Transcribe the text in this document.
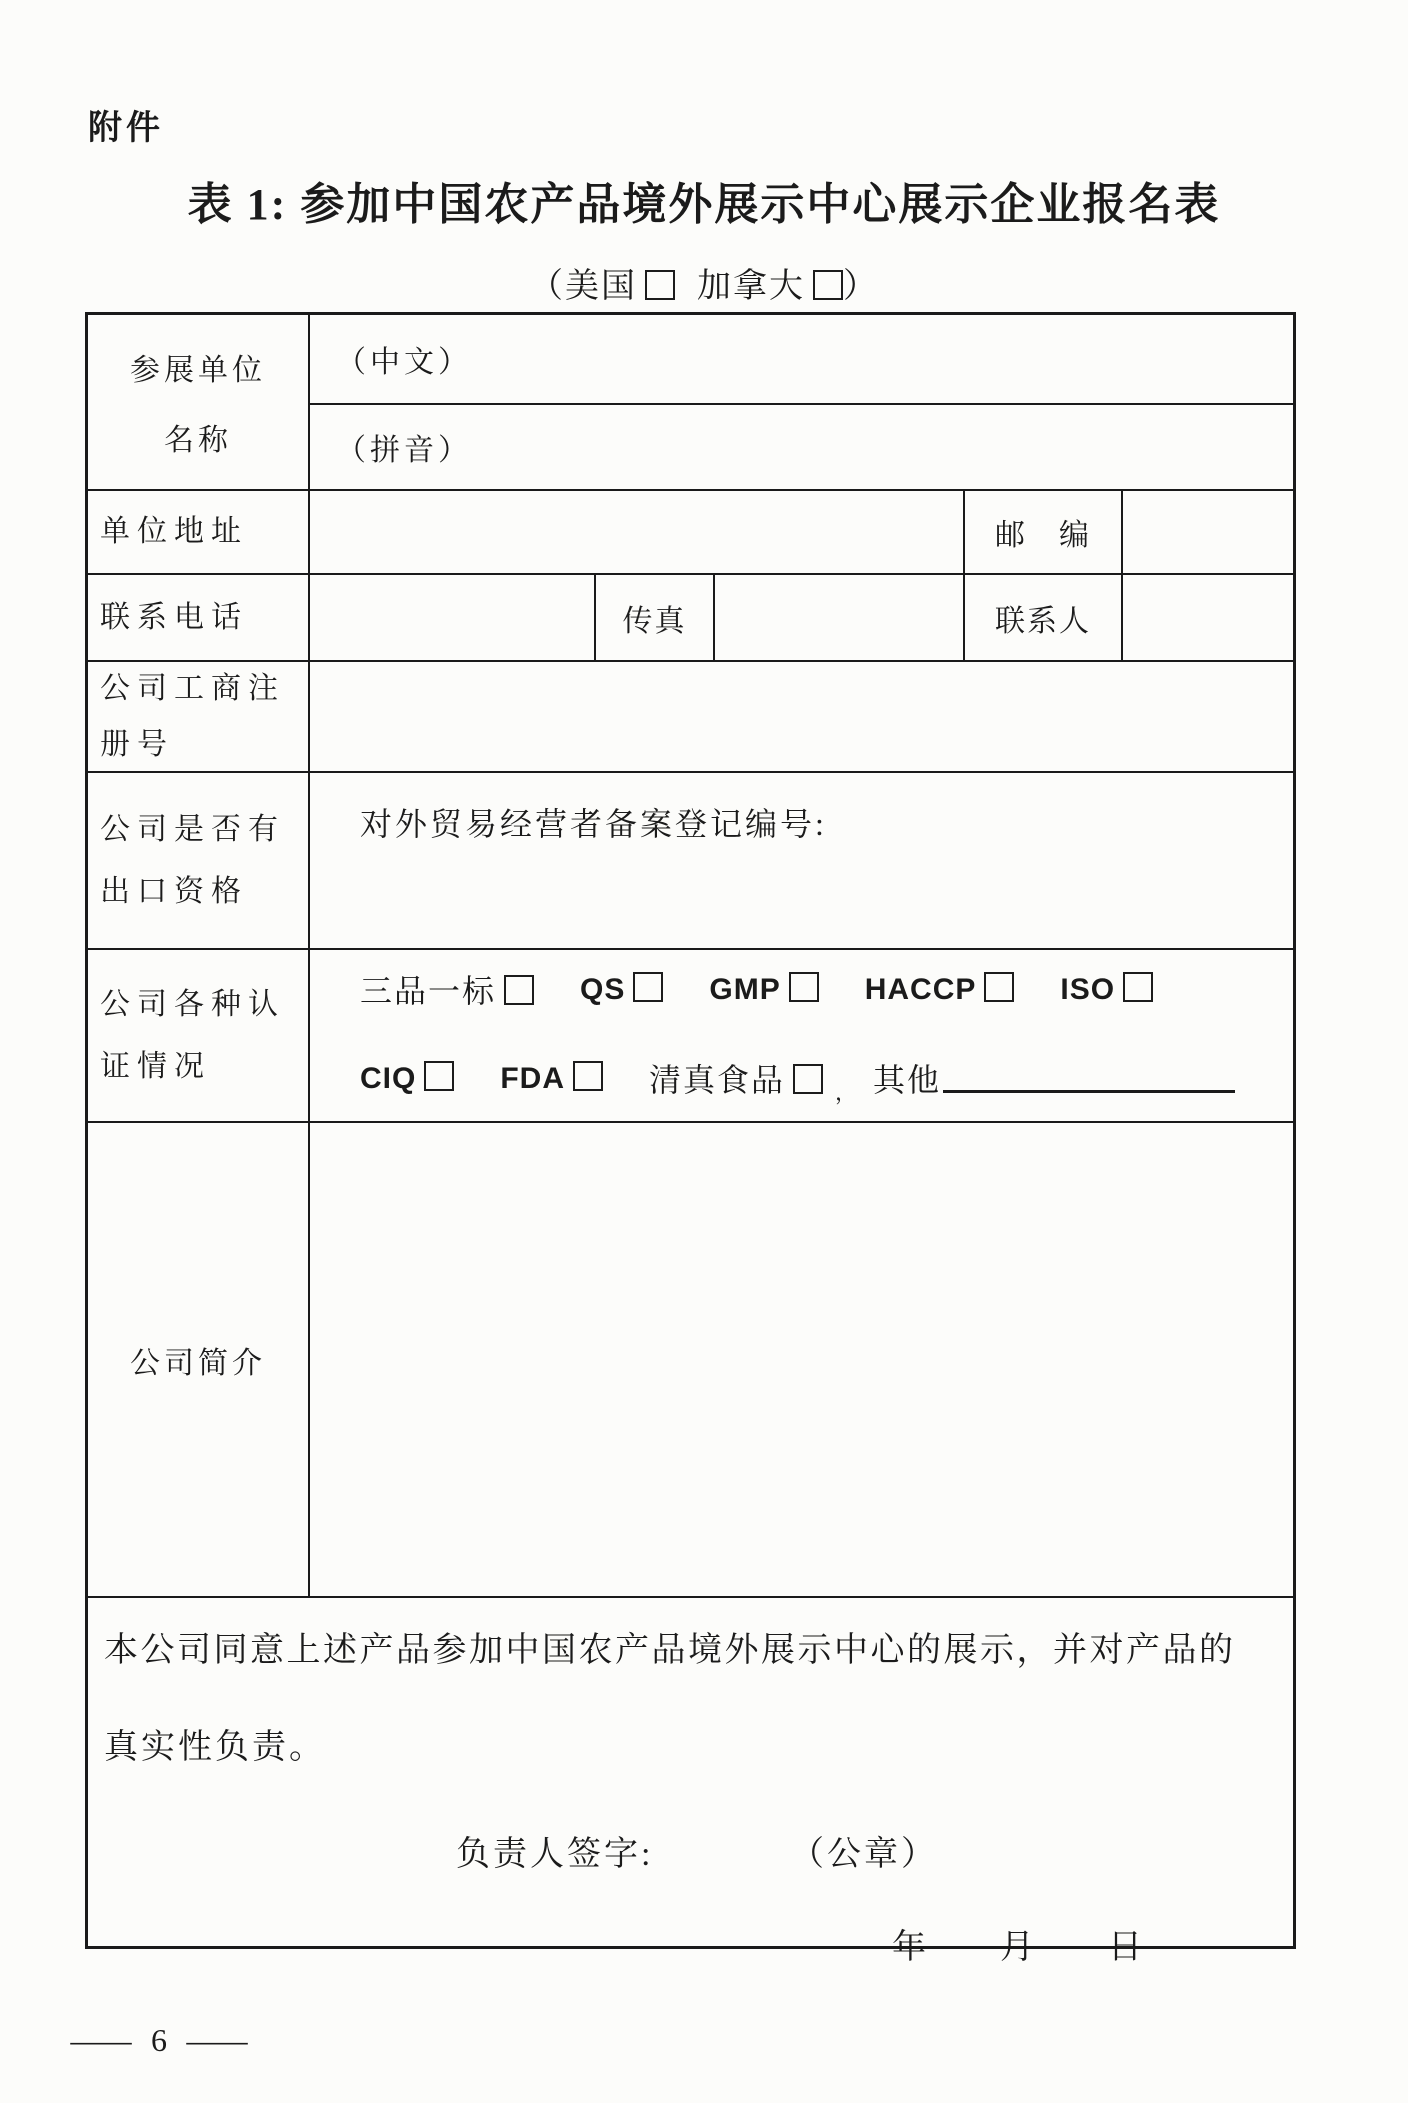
附件
表 1: 参加中国农产品境外展示中心展示企业报名表
（美国 加拿大 ）
参展单位
名称
（中文）
（拼音）
单位地址	邮　编
联系电话	传真	联系人
公司工商注册号
公司是否有出口资格
对外贸易经营者备案登记编号:
公司各种认证情况
三品一标	QS	GMP	HACCP	ISO
CIQ	FDA	清真食品	， 其他
公司简介
本公司同意上述产品参加中国农产品境外展示中心的展示，并对产品的
真实性负责。
负责人签字:	（公章）
年　　月　　日
— 6 —
